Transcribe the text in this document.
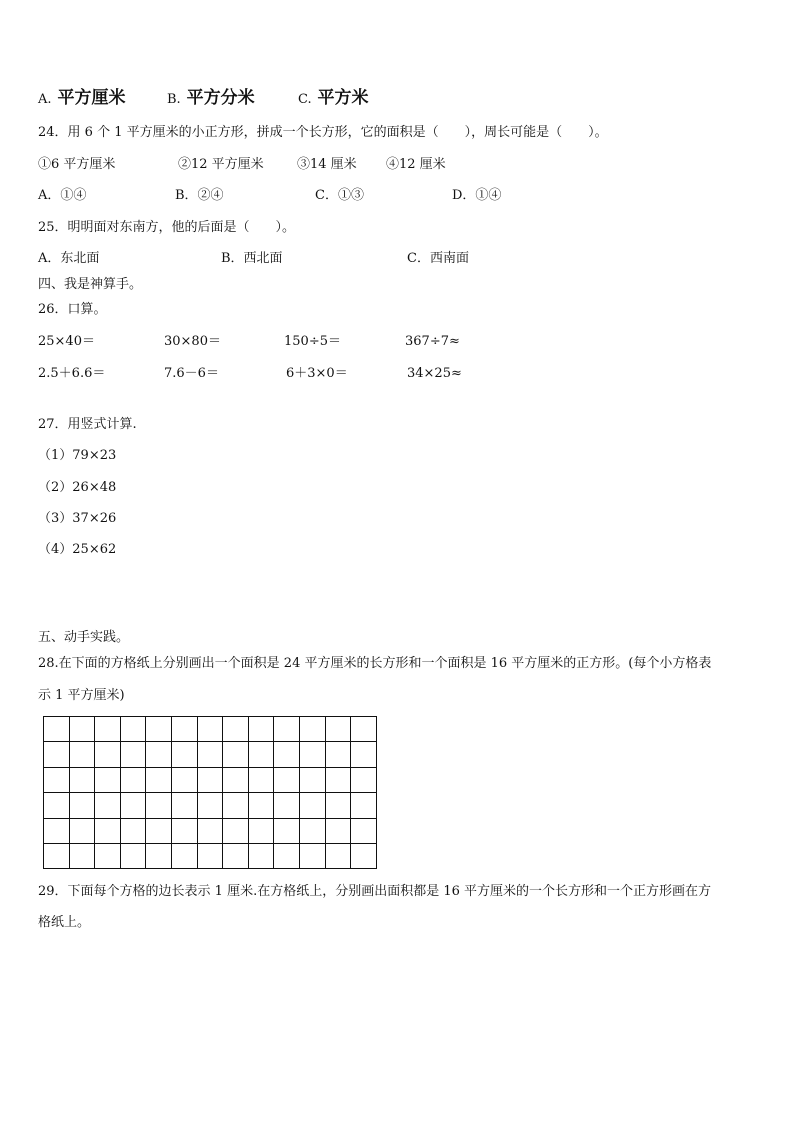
A. 平方厘米	B. 平方分米	C. 平方米
24．用 6 个 1 平方厘米的小正方形，拼成一个长方形，它的面积是（　　），周长可能是（　　）。
①6 平方厘米	②12 平方厘米	③14 厘米 ④12 厘米
A．①④	B．②④	C．①③	D．①④
25．明明面对东南方，他的后面是（　　）。
A．东北面	B．西北面	C．西南面
四、我是神算手。
26．口算。
25×40＝	30×80＝	150÷5＝	367÷7≈
2.5＋6.6＝	7.6－6＝	6＋3×0＝	34×25≈
27．用竖式计算.
（1）79×23
（2）26×48
（3）37×26
（4）25×62
五、动手实践。
28.在下面的方格纸上分别画出一个面积是 24 平方厘米的长方形和一个面积是 16 平方厘米的正方形。(每个小方格表
示 1 平方厘米)

29．下面每个方格的边长表示 1 厘米.在方格纸上，分别画出面积都是 16 平方厘米的一个长方形和一个正方形画在方
格纸上。
